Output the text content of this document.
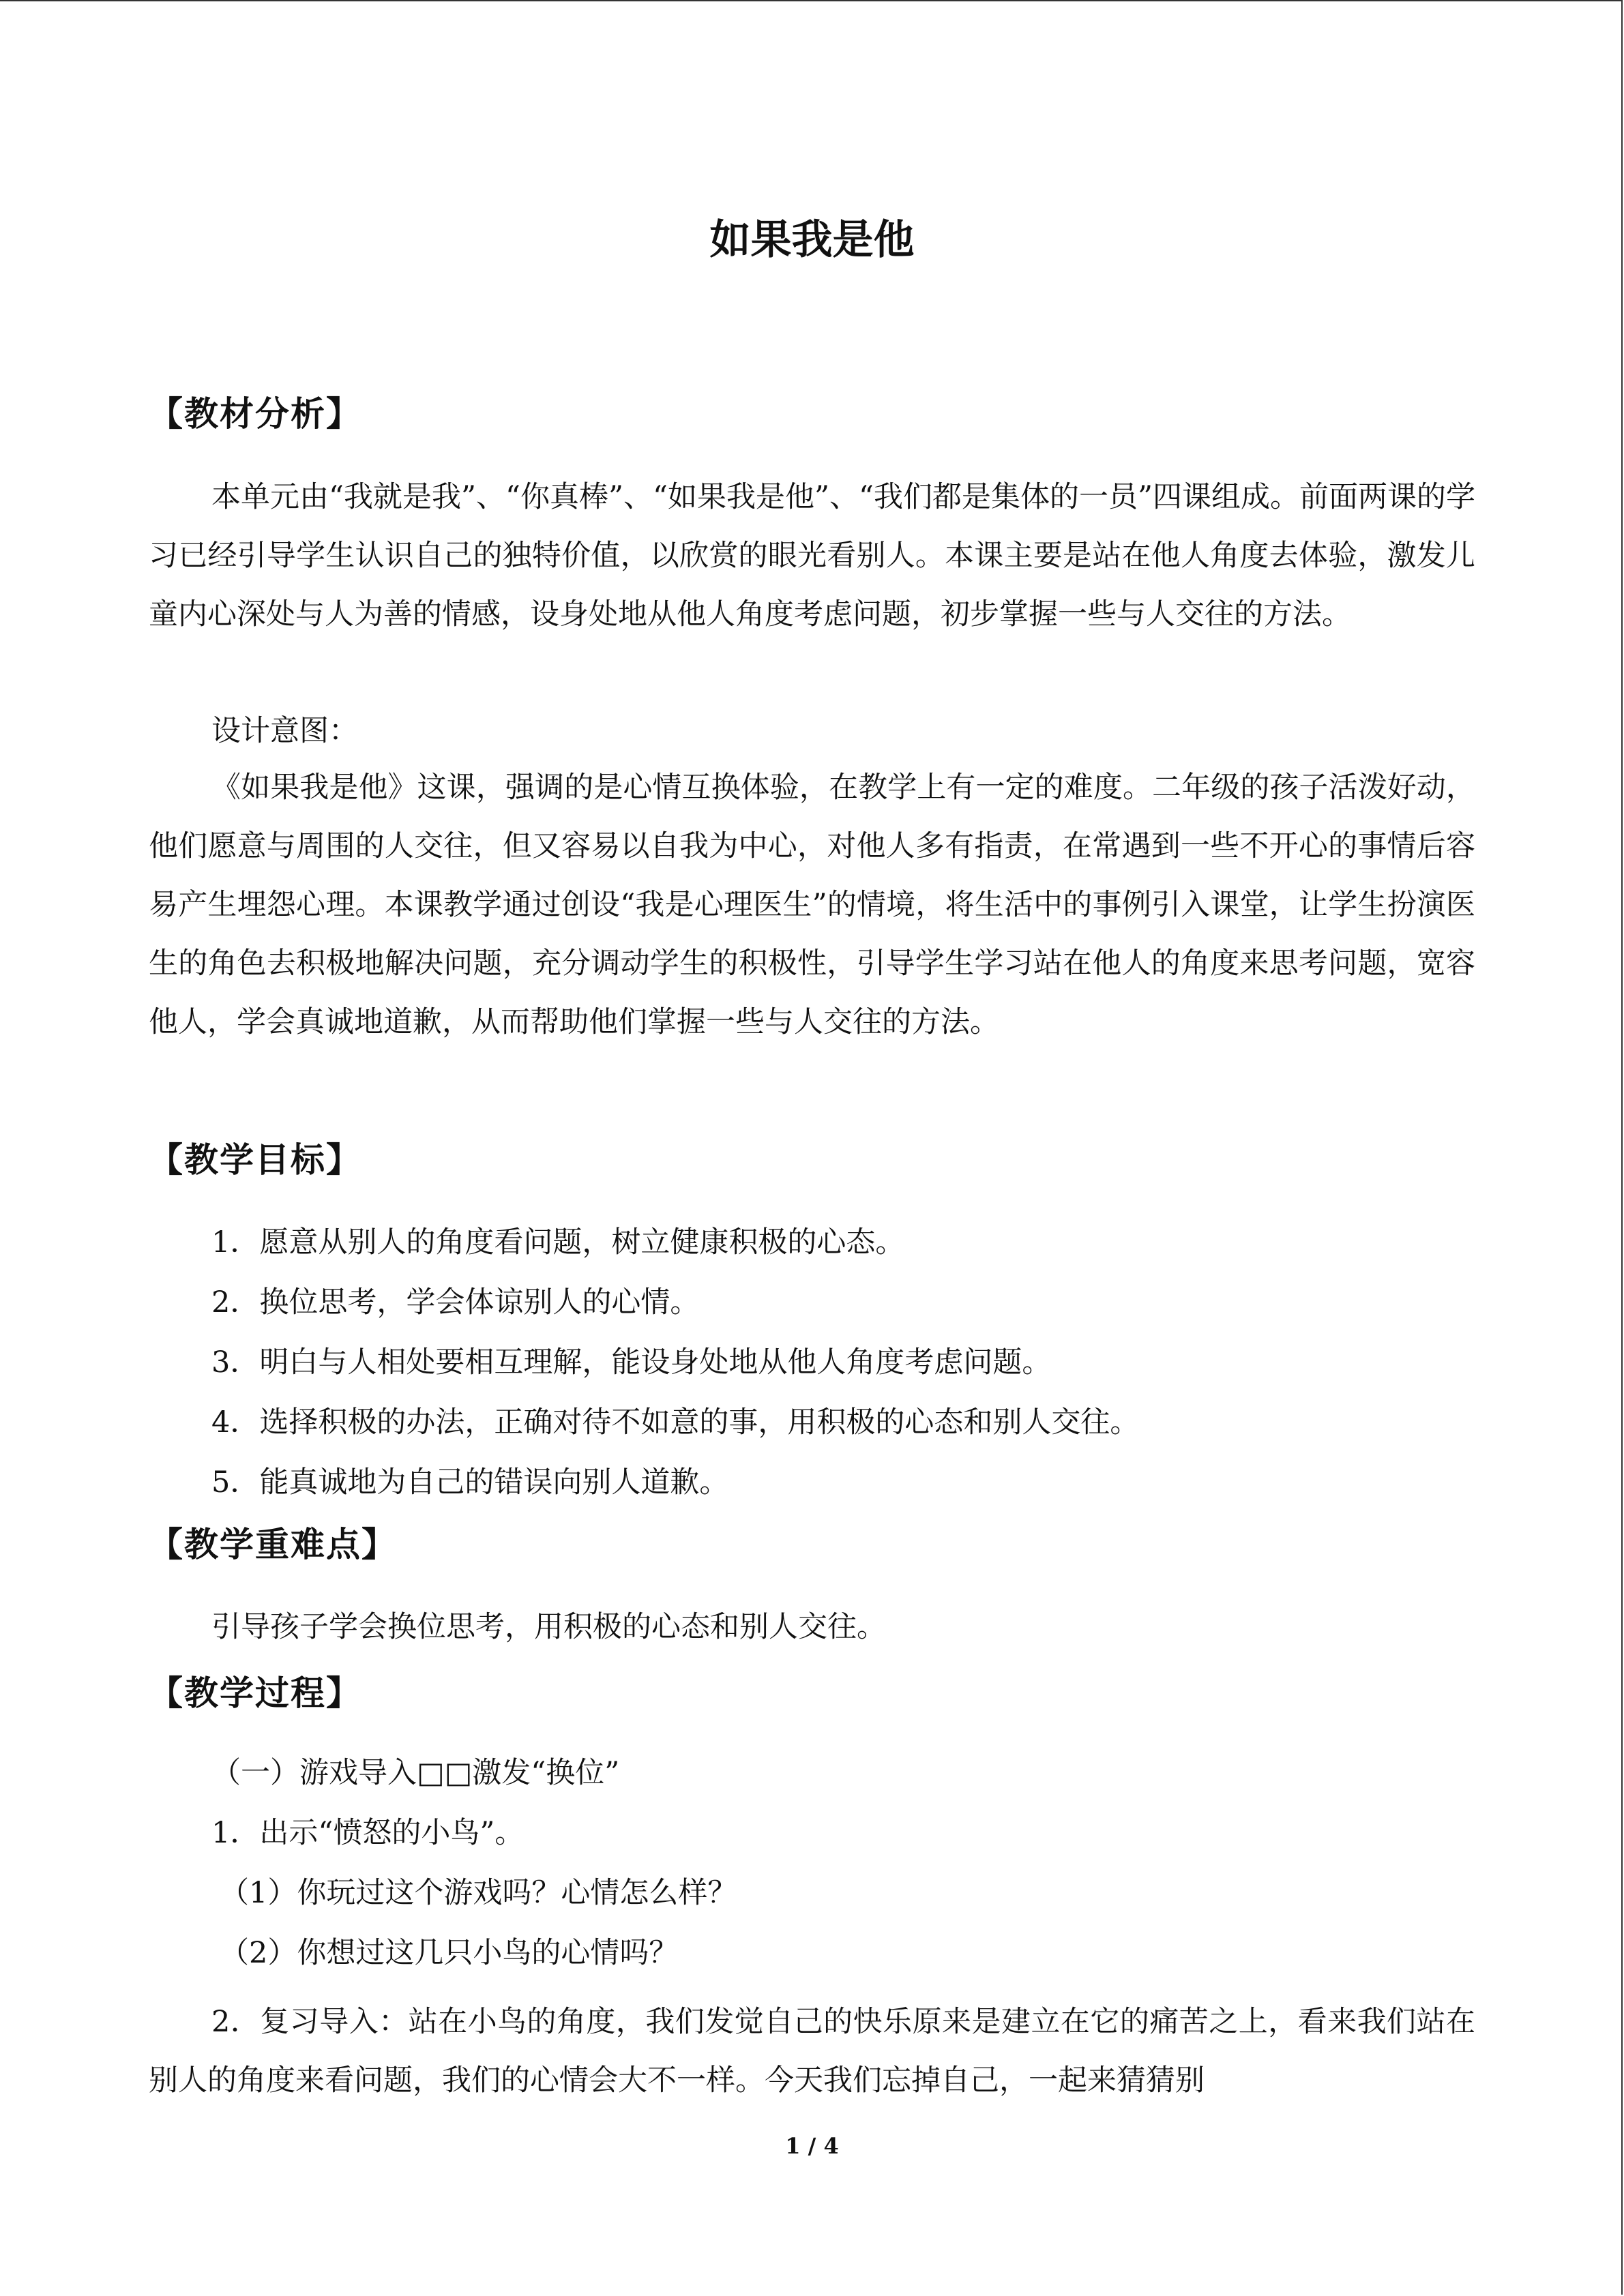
如果我是他
【教材分析】
本单元由“我就是我”、“你真棒”、“如果我是他”、“我们都是集体的一员”四课组成。前面两课的学习已经引导学生认识自己的独特价值，以欣赏的眼光看别人。本课主要是站在他人角度去体验，激发儿童内心深处与人为善的情感，设身处地从他人角度考虑问题，初步掌握一些与人交往的方法。
设计意图：
《如果我是他》这课，强调的是心情互换体验，在教学上有一定的难度。二年级的孩子活泼好动，他们愿意与周围的人交往，但又容易以自我为中心，对他人多有指责，在常遇到一些不开心的事情后容易产生埋怨心理。本课教学通过创设“我是心理医生”的情境，将生活中的事例引入课堂，让学生扮演医生的角色去积极地解决问题，充分调动学生的积极性，引导学生学习站在他人的角度来思考问题，宽容他人，学会真诚地道歉，从而帮助他们掌握一些与人交往的方法。
【教学目标】
1．愿意从别人的角度看问题，树立健康积极的心态。
2．换位思考，学会体谅别人的心情。
3．明白与人相处要相互理解，能设身处地从他人角度考虑问题。
4．选择积极的办法，正确对待不如意的事，用积极的心态和别人交往。
5．能真诚地为自己的错误向别人道歉。
【教学重难点】
引导孩子学会换位思考，用积极的心态和别人交往。
【教学过程】
（一）游戏导入□□激发“换位”
1．出示“愤怒的小鸟”。
（1）你玩过这个游戏吗？心情怎么样？
（2）你想过这几只小鸟的心情吗？
2．复习导入：站在小鸟的角度，我们发觉自己的快乐原来是建立在它的痛苦之上，看来我们站在别人的角度来看问题，我们的心情会大不一样。今天我们忘掉自己，一起来猜猜别
1 / 4
